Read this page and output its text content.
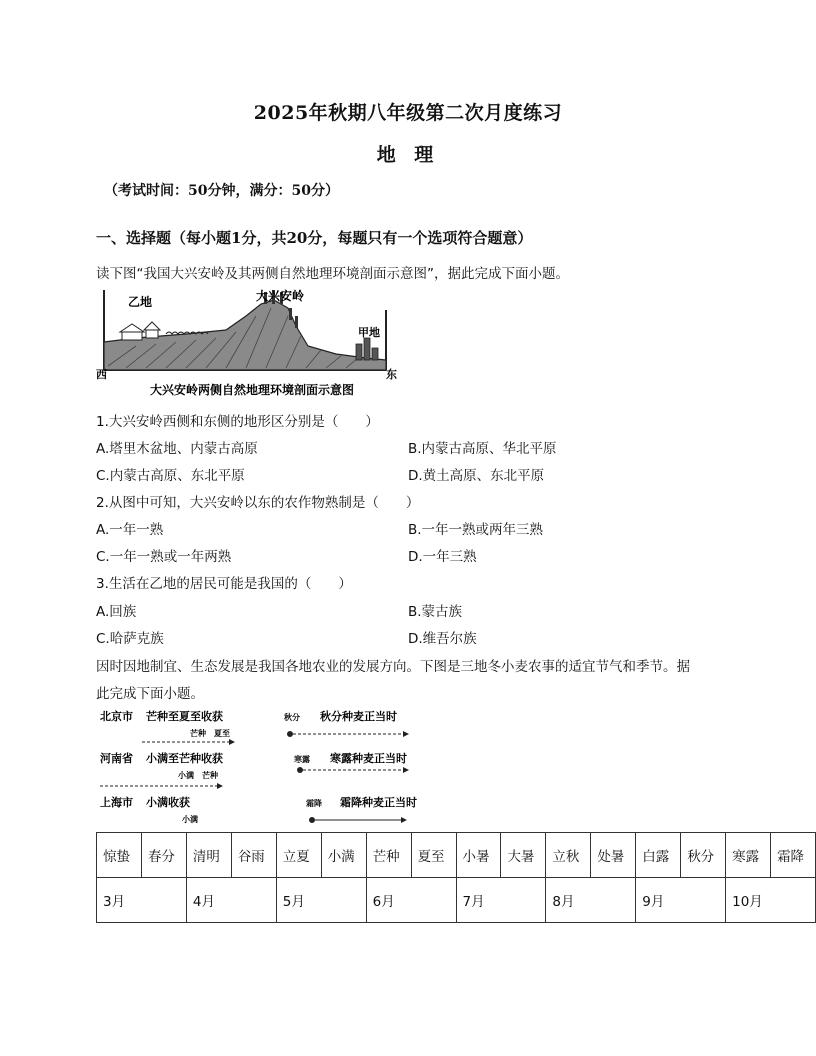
2025年秋期八年级第二次月度练习
地 理
（考试时间：50分钟，满分：50分）
一、选择题（每小题1分，共20分，每题只有一个选项符合题意）
读下图“我国大兴安岭及其两侧自然地理环境剖面示意图”，据此完成下面小题。
乙地	大兴安岭
甲地
西	东
大兴安岭两侧自然地理环境剖面示意图
1.大兴安岭西侧和东侧的地形区分别是（　　）
A.塔里木盆地、内蒙古高原	B.内蒙古高原、华北平原
C.内蒙古高原、东北平原	D.黄土高原、东北平原
2.从图中可知，大兴安岭以东的农作物熟制是（　　）
A.一年一熟	B.一年一熟或两年三熟
C.一年一熟或一年两熟	D.一年三熟
3.生活在乙地的居民可能是我国的（　　）
A.回族	B.蒙古族
C.哈萨克族	D.维吾尔族
因时因地制宜、生态发展是我国各地农业的发展方向。下图是三地冬小麦农事的适宜节气和季节。据
此完成下面小题。
北京市 芒种至夏至收获
芒种 夏至
河南省 小满至芒种收获
小满 芒种
上海市 小满收获
小满
秋分 秋分种麦正当时
寒露 寒露种麦正当时
霜降 霜降种麦正当时
惊蛰	春分	清明	谷雨	立夏	小满	芒种	夏至	小暑	大暑	立秋	处暑	白露	秋分	寒露	霜降
3月		4月		5月		6月		7月		8月		9月		10月	
